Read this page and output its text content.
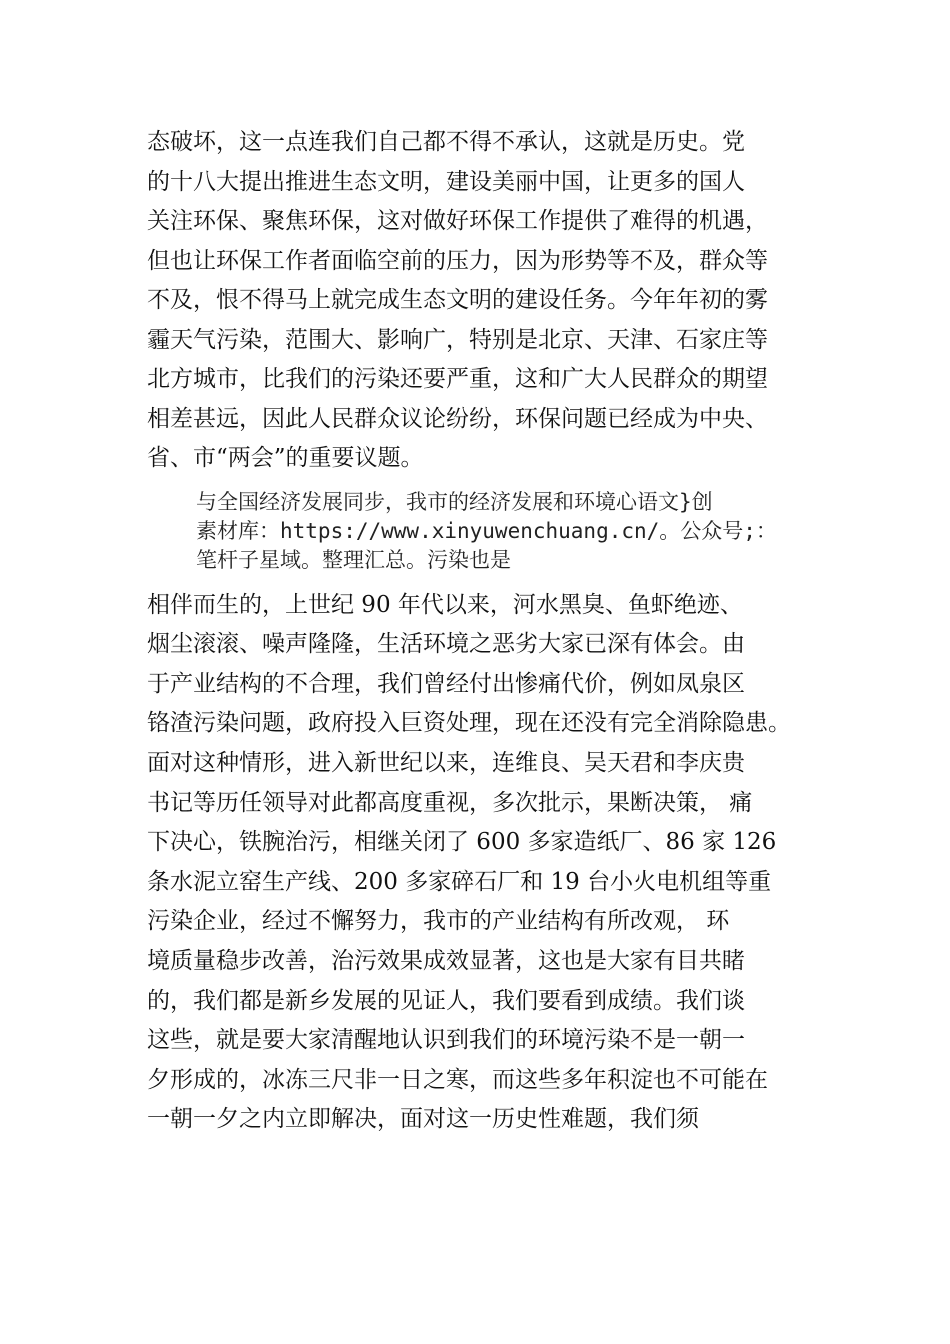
态破坏，这一点连我们自己都不得不承认，这就是历史。党
的十八大提出推进生态文明，建设美丽中国，让更多的国人
关注环保、聚焦环保，这对做好环保工作提供了难得的机遇，
但也让环保工作者面临空前的压力，因为形势等不及，群众等
不及，恨不得马上就完成生态文明的建设任务。今年年初的雾
霾天气污染，范围大、影响广，特别是北京、天津、石家庄等
北方城市，比我们的污染还要严重，这和广大人民群众的期望
相差甚远，因此人民群众议论纷纷，环保问题已经成为中央、
省、市“两会”的重要议题。
与全国经济发展同步，我市的经济发展和环境心语文}创
素材库：https://www.xinyuwenchuang.cn/。公众号;：
笔杆子星域。整理汇总。污染也是
相伴而生的，上世纪 90 年代以来，河水黑臭、鱼虾绝迹、
烟尘滚滚、噪声隆隆，生活环境之恶劣大家已深有体会。由
于产业结构的不合理，我们曾经付出惨痛代价，例如凤泉区
铬渣污染问题，政府投入巨资处理，现在还没有完全消除隐患。
面对这种情形，进入新世纪以来，连维良、吴天君和李庆贵
书记等历任领导对此都高度重视，多次批示，果断决策， 痛
下决心，铁腕治污，相继关闭了 600 多家造纸厂、86 家 126
条水泥立窑生产线、200 多家碎石厂和 19 台小火电机组等重
污染企业，经过不懈努力，我市的产业结构有所改观， 环
境质量稳步改善，治污效果成效显著，这也是大家有目共睹
的，我们都是新乡发展的见证人，我们要看到成绩。我们谈
这些，就是要大家清醒地认识到我们的环境污染不是一朝一
夕形成的，冰冻三尺非一日之寒，而这些多年积淀也不可能在
一朝一夕之内立即解决，面对这一历史性难题，我们须
